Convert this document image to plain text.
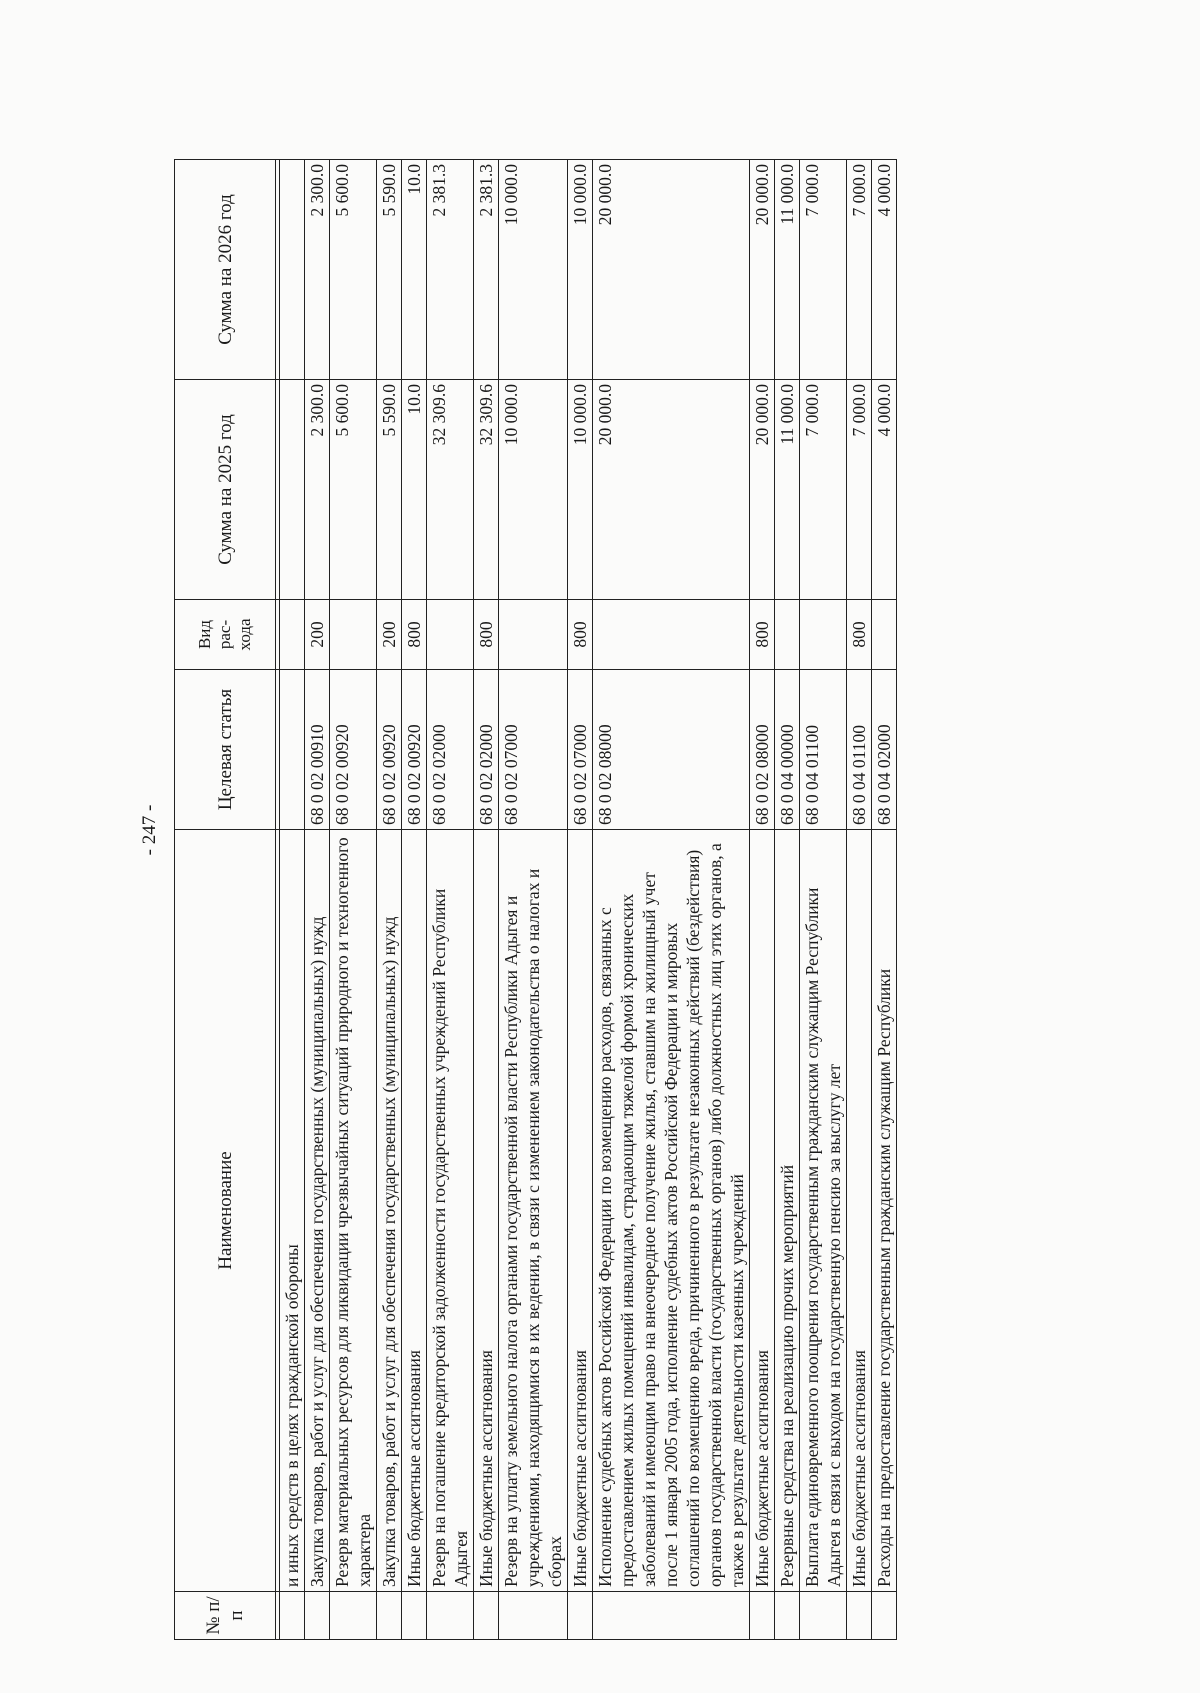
- 247 -
№ п/п	Наименование	Целевая статья	Вид рас-хода	Сумма на 2025 год	Сумма на 2026 год	

	и иных средств в целях гражданской обороны					
	Закупка товаров, работ и услуг для обеспечения государственных (муниципальных) нужд	68 0 02 00910	200	2 300.0	2 300.0	
	Резерв материальных ресурсов для ликвидации чрезвычайных ситуаций природного и техногенного характера	68 0 02 00920		5 600.0	5 600.0	
	Закупка товаров, работ и услуг для обеспечения государственных (муниципальных) нужд	68 0 02 00920	200	5 590.0	5 590.0	
	Иные бюджетные ассигнования	68 0 02 00920	800	10.0	10.0	
	Резерв на погашение кредиторской задолженности государственных учреждений Республики Адыгея	68 0 02 02000		32 309.6	2 381.3	
	Иные бюджетные ассигнования	68 0 02 02000	800	32 309.6	2 381.3	
	Резерв на уплату земельного налога органами государственной власти Республики Адыгея и учреждениями, находящимися в их ведении, в связи с изменением законодательства о налогах и сборах	68 0 02 07000		10 000.0	10 000.0	
	Иные бюджетные ассигнования	68 0 02 07000	800	10 000.0	10 000.0	
	Исполнение судебных актов Российской Федерации по возмещению расходов, связанных с предоставлением жилых помещений инвалидам, страдающим тяжелой формой хронических заболеваний и имеющим право на внеочередное получение жилья, ставшим на жилищный учет после 1 января 2005 года, исполнение судебных актов Российской Федерации и мировых соглашений по возмещению вреда, причиненного в результате незаконных действий (бездействия) органов государственной власти (государственных органов) либо должностных лиц этих органов, а также в результате деятельности казенных учреждений	68 0 02 08000		20 000.0	20 000.0	
	Иные бюджетные ассигнования	68 0 02 08000	800	20 000.0	20 000.0	
	Резервные средства на реализацию прочих мероприятий	68 0 04 00000		11 000.0	11 000.0	
	Выплата единовременного поощрения государственным гражданским служащим Республики Адыгея в связи с выходом на государственную пенсию за выслугу лет	68 0 04 01100		7 000.0	7 000.0	
	Иные бюджетные ассигнования	68 0 04 01100	800	7 000.0	7 000.0	
	Расходы на предоставление государственным гражданским служащим Республики	68 0 04 02000		4 000.0	4 000.0	
